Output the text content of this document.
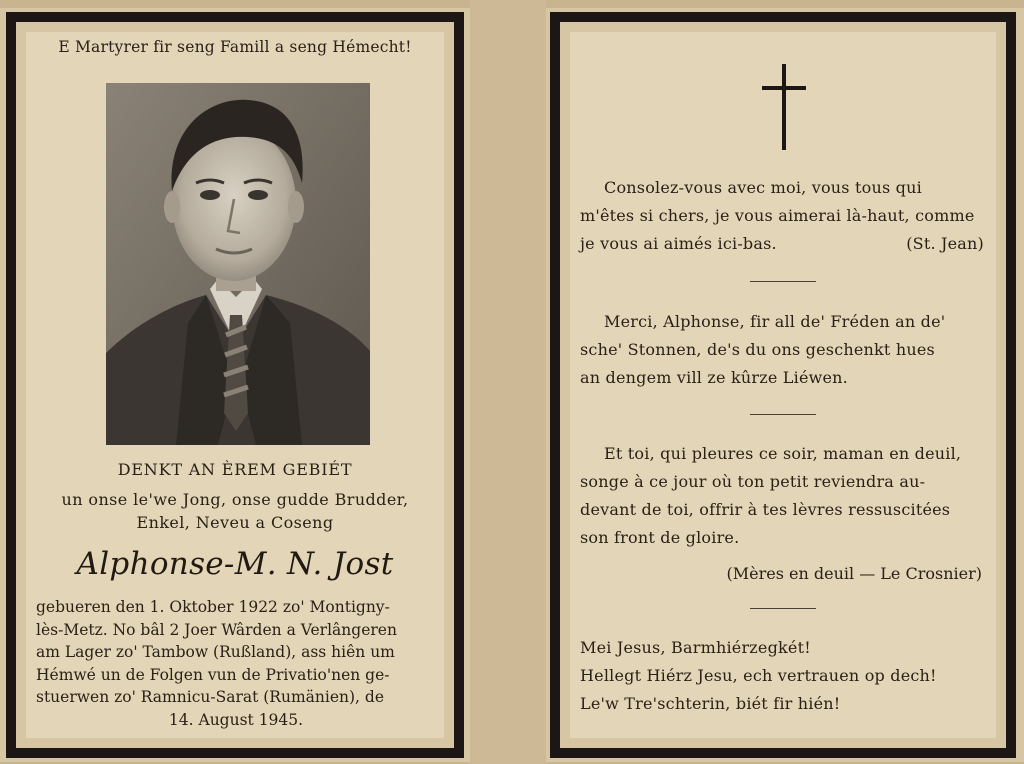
E Martyrer fir seng Famill a seng Hémecht!
DENKT AN ÈREM GEBIÉT
un onse le'we Jong, onse gudde Brudder,
Enkel, Neveu a Coseng
Alphonse-M. N. Jost
gebueren den 1. Oktober 1922 zo' Montigny-
lès-Metz. No bâl 2 Joer Wârden a Verlângeren
am Lager zo' Tambow (Rußland), ass hiên um
Hémwé un de Folgen vun de Privatio'nen ge-
stuerwen zo' Ramnicu-Sarat (Rumänien), de
14. August 1945.
Consolez-vous avec moi, vous tous qui
m'êtes si chers, je vous aimerai là-haut, comme
je vous ai aimés ici-bas.	(St. Jean)
Merci, Alphonse, fir all de' Fréden an de'
sche' Stonnen, de's du ons geschenkt hues
an dengem vill ze kûrze Liéwen.
Et toi, qui pleures ce soir, maman en deuil,
songe à ce jour où ton petit reviendra au-
devant de toi, offrir à tes lèvres ressuscitées
son front de gloire.
(Mères en deuil — Le Crosnier)
Mei Jesus, Barmhiérzegkét!
Hellegt Hiérz Jesu, ech vertrauen op dech!
Le'w Tre'schterin, biét fir hién!
